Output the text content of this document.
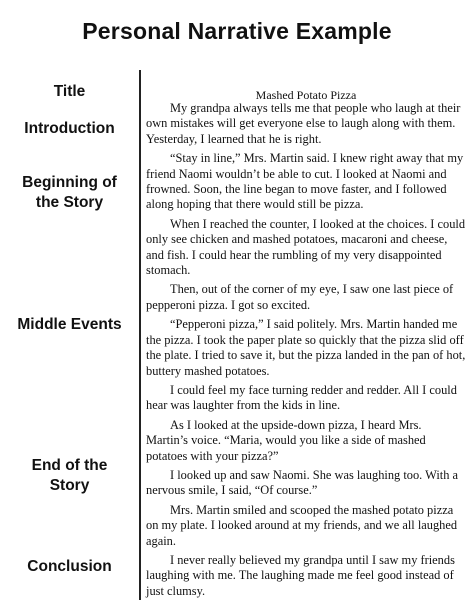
Personal Narrative Example
Title
Introduction
Beginning of
the Story
Middle Events
End of the
Story
Conclusion
Mashed Potato Pizza

My grandpa always tells me that people who laugh at their own mistakes will get everyone else to laugh along with them. Yesterday, I learned that he is right.

“Stay in line,” Mrs. Martin said. I knew right away that my friend Naomi wouldn’t be able to cut. I looked at Naomi and frowned. Soon, the line began to move faster, and I followed along hoping that there would still be pizza.

When I reached the counter, I looked at the choices. I could only see chicken and mashed potatoes, macaroni and cheese, and fish. I could hear the rumbling of my very disappointed stomach.

Then, out of the corner of my eye, I saw one last piece of pepperoni pizza. I got so excited.

“Pepperoni pizza,” I said politely. Mrs. Martin handed me the pizza. I took the paper plate so quickly that the pizza slid off the plate. I tried to save it, but the pizza landed in the pan of hot, buttery mashed potatoes.

I could feel my face turning redder and redder. All I could hear was laughter from the kids in line.

As I looked at the upside-down pizza, I heard Mrs. Martin’s voice. “Maria, would you like a side of mashed potatoes with your pizza?”

I looked up and saw Naomi. She was laughing too. With a nervous smile, I said, “Of course.”

Mrs. Martin smiled and scooped the mashed potato pizza on my plate. I looked around at my friends, and we all laughed again.

I never really believed my grandpa until I saw my friends laughing with me. The laughing made me feel good instead of just clumsy.
